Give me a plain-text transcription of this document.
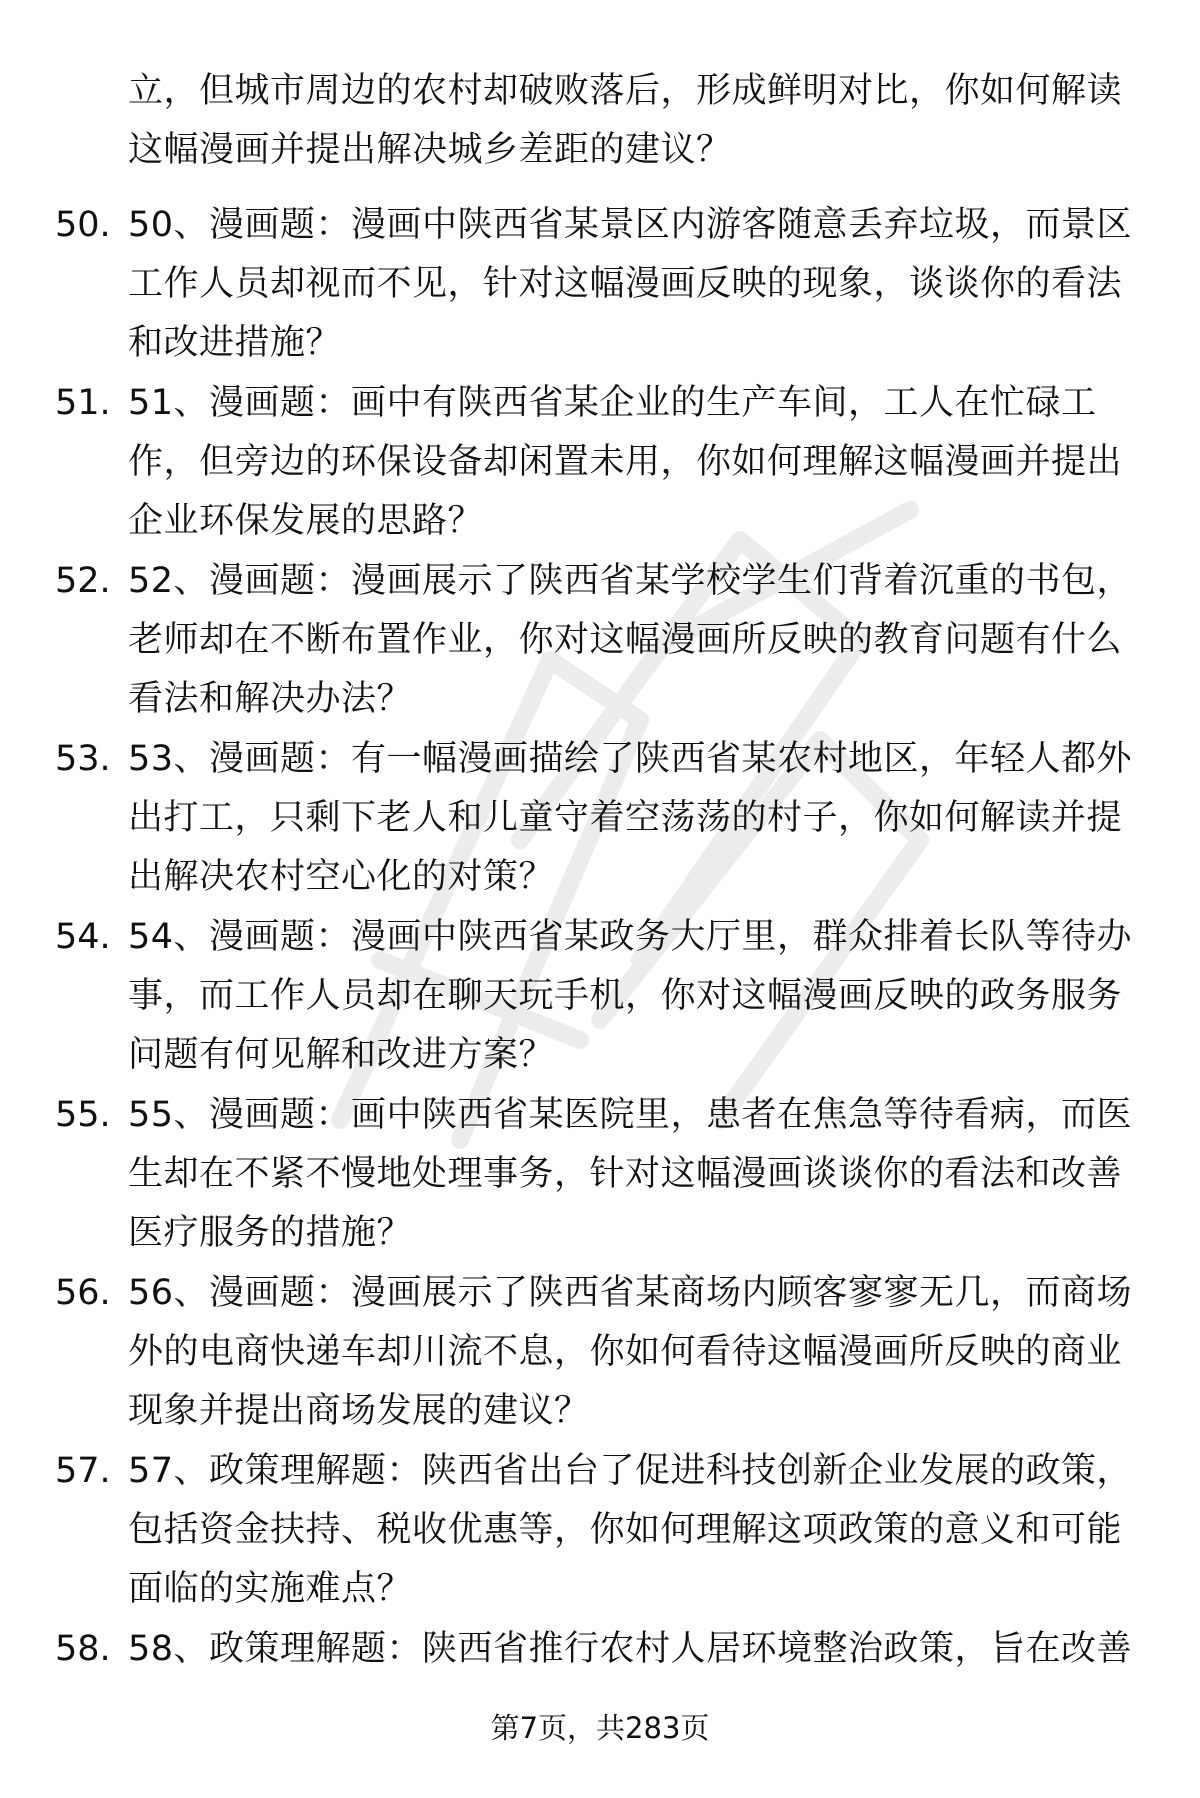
立，但城市周边的农村却破败落后，形成鲜明对比，你如何解读这幅漫画并提出解决城乡差距的建议？
50. 50、漫画题：漫画中陕西省某景区内游客随意丢弃垃圾，而景区工作人员却视而不见，针对这幅漫画反映的现象，谈谈你的看法和改进措施？
51. 51、漫画题：画中有陕西省某企业的生产车间，工人在忙碌工作，但旁边的环保设备却闲置未用，你如何理解这幅漫画并提出企业环保发展的思路？
52. 52、漫画题：漫画展示了陕西省某学校学生们背着沉重的书包，老师却在不断布置作业，你对这幅漫画所反映的教育问题有什么看法和解决办法？
53. 53、漫画题：有一幅漫画描绘了陕西省某农村地区，年轻人都外出打工，只剩下老人和儿童守着空荡荡的村子，你如何解读并提出解决农村空心化的对策？
54. 54、漫画题：漫画中陕西省某政务大厅里，群众排着长队等待办事，而工作人员却在聊天玩手机，你对这幅漫画反映的政务服务问题有何见解和改进方案？
55. 55、漫画题：画中陕西省某医院里，患者在焦急等待看病，而医生却在不紧不慢地处理事务，针对这幅漫画谈谈你的看法和改善医疗服务的措施？
56. 56、漫画题：漫画展示了陕西省某商场内顾客寥寥无几，而商场外的电商快递车却川流不息，你如何看待这幅漫画所反映的商业现象并提出商场发展的建议？
57. 57、政策理解题：陕西省出台了促进科技创新企业发展的政策，包括资金扶持、税收优惠等，你如何理解这项政策的意义和可能面临的实施难点？
58. 58、政策理解题：陕西省推行农村人居环境整治政策，旨在改善
第7页，共283页
